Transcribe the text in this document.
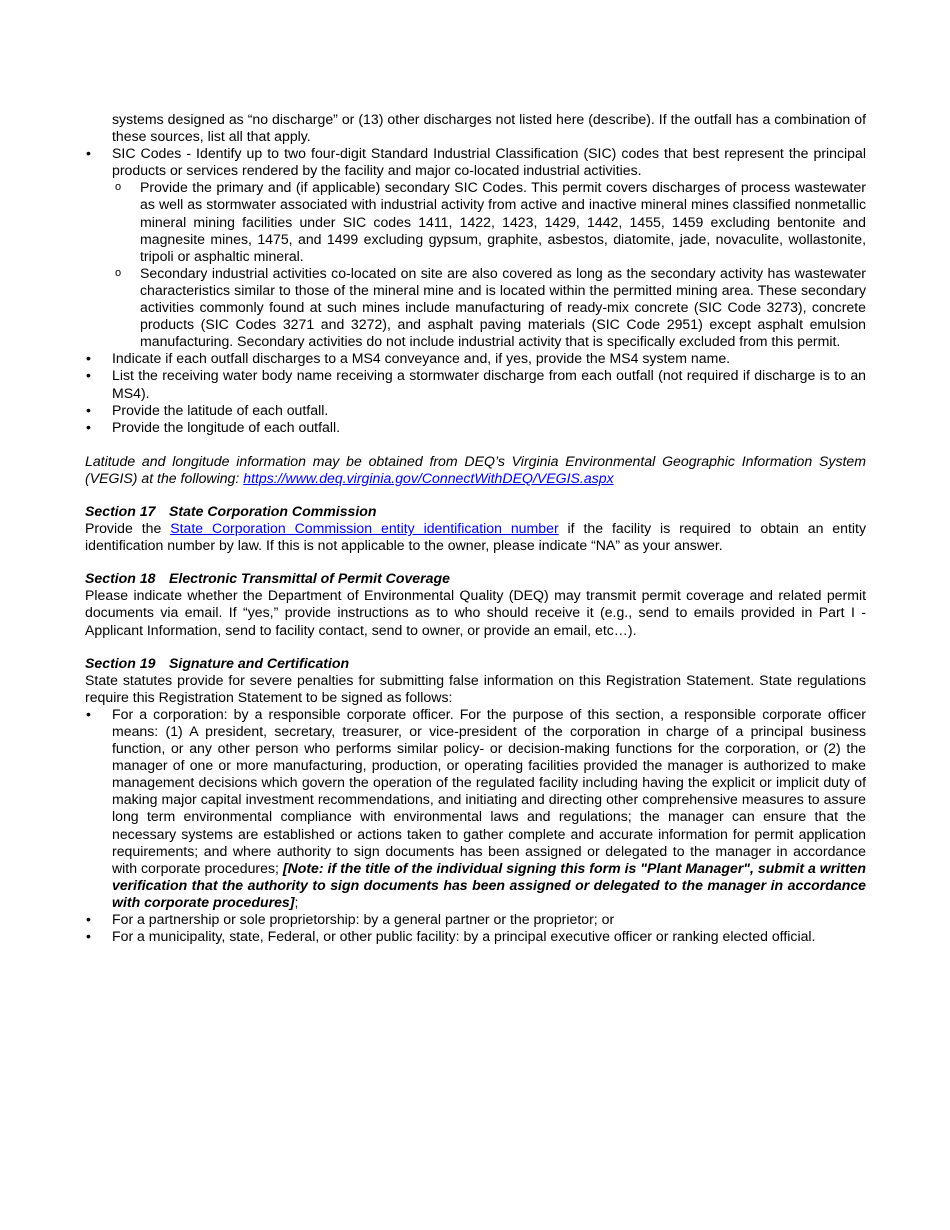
systems designed as “no discharge” or (13) other discharges not listed here (describe). If the outfall has a combination of these sources, list all that apply.
• SIC Codes - Identify up to two four-digit Standard Industrial Classification (SIC) codes that best represent the principal products or services rendered by the facility and major co-located industrial activities.
o Provide the primary and (if applicable) secondary SIC Codes. This permit covers discharges of process wastewater as well as stormwater associated with industrial activity from active and inactive mineral mines classified nonmetallic mineral mining facilities under SIC codes 1411, 1422, 1423, 1429, 1442, 1455, 1459 excluding bentonite and magnesite mines, 1475, and 1499 excluding gypsum, graphite, asbestos, diatomite, jade, novaculite, wollastonite, tripoli or asphaltic mineral.
o Secondary industrial activities co-located on site are also covered as long as the secondary activity has wastewater characteristics similar to those of the mineral mine and is located within the permitted mining area. These secondary activities commonly found at such mines include manufacturing of ready-mix concrete (SIC Code 3273), concrete products (SIC Codes 3271 and 3272), and asphalt paving materials (SIC Code 2951) except asphalt emulsion manufacturing. Secondary activities do not include industrial activity that is specifically excluded from this permit.
• Indicate if each outfall discharges to a MS4 conveyance and, if yes, provide the MS4 system name.
• List the receiving water body name receiving a stormwater discharge from each outfall (not required if discharge is to an MS4).
• Provide the latitude of each outfall.
• Provide the longitude of each outfall.
Latitude and longitude information may be obtained from DEQ’s Virginia Environmental Geographic Information System (VEGIS) at the following: https://www.deq.virginia.gov/ConnectWithDEQ/VEGIS.aspx
Section 17 State Corporation Commission
Provide the State Corporation Commission entity identification number if the facility is required to obtain an entity identification number by law. If this is not applicable to the owner, please indicate “NA” as your answer.
Section 18 Electronic Transmittal of Permit Coverage
Please indicate whether the Department of Environmental Quality (DEQ) may transmit permit coverage and related permit documents via email. If “yes,” provide instructions as to who should receive it (e.g., send to emails provided in Part I - Applicant Information, send to facility contact, send to owner, or provide an email, etc…).
Section 19 Signature and Certification
State statutes provide for severe penalties for submitting false information on this Registration Statement. State regulations require this Registration Statement to be signed as follows:
• For a corporation: by a responsible corporate officer. For the purpose of this section, a responsible corporate officer means: (1) A president, secretary, treasurer, or vice-president of the corporation in charge of a principal business function, or any other person who performs similar policy- or decision-making functions for the corporation, or (2) the manager of one or more manufacturing, production, or operating facilities provided the manager is authorized to make management decisions which govern the operation of the regulated facility including having the explicit or implicit duty of making major capital investment recommendations, and initiating and directing other comprehensive measures to assure long term environmental compliance with environmental laws and regulations; the manager can ensure that the necessary systems are established or actions taken to gather complete and accurate information for permit application requirements; and where authority to sign documents has been assigned or delegated to the manager in accordance with corporate procedures; [Note: if the title of the individual signing this form is "Plant Manager", submit a written verification that the authority to sign documents has been assigned or delegated to the manager in accordance with corporate procedures];
• For a partnership or sole proprietorship: by a general partner or the proprietor; or
• For a municipality, state, Federal, or other public facility: by a principal executive officer or ranking elected official.
